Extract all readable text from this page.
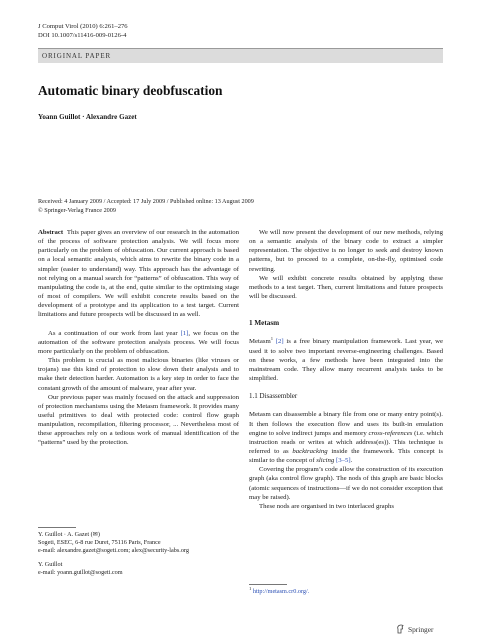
J Comput Virol (2010) 6:261–276
DOI 10.1007/s11416-009-0126-4
ORIGINAL PAPER
Automatic binary deobfuscation
Yoann Guillot · Alexandre Gazet
Received: 4 January 2009 / Accepted: 17 July 2009 / Published online: 13 August 2009
© Springer-Verlag France 2009

Abstract This paper gives an overview of our research in the automation of the process of software protection analysis. We will focus more particularly on the problem of obfuscation. Our current approach is based on a local semantic analysis, which aims to rewrite the binary code in a simpler (easier to understand) way. This approach has the advantage of not relying on a manual search for “patterns” of obfuscation. This way of manipulating the code is, at the end, quite similar to the optimising stage of most of compilers. We will exhibit concrete results based on the development of a prototype and its application to a test target. Current limitations and future prospects will be discussed in as well.

As a continuation of our work from last year [1], we focus on the automation of the software protection analysis process. We will focus more particularly on the problem of obfuscation.

This problem is crucial as most malicious binaries (like viruses or trojans) use this kind of protection to slow down their analysis and to make their detection harder. Automation is a key step in order to face the constant growth of the amount of malware, year after year.

Our previous paper was mainly focused on the attack and suppression of protection mechanisms using the Metasm framework. It provides many useful primitives to deal with protected code: control flow graph manipulation, recompilation, filtering processor, ... Nevertheless most of these approaches rely on a tedious work of manual identification of the “patterns” used by the protection.

We will now present the development of our new methods, relying on a semantic analysis of the binary code to extract a simpler representation. The objective is no longer to seek and destroy known patterns, but to proceed to a complete, on-the-fly, optimised code rewriting.

We will exhibit concrete results obtained by applying these methods to a test target. Then, current limitations and future prospects will be discussed.

1 Metasm

Metasm$^1$ [2] is a free binary manipulation framework. Last year, we used it to solve two important reverse-engineering challenges. Based on these works, a few methods have been integrated into the mainstream code. They allow many recurrent analysis tasks to be simplified.

1.1 Disassembler

Metasm can disassemble a binary file from one or many entry point(s). It then follows the execution flow and uses its built-in emulation engine to solve indirect jumps and memory cross-references (i.e. which instruction reads or writes at which address(es)). This technique is referred to as backtracking inside the framework. This concept is similar to the concept of slicing [3–5].

Covering the program’s code allow the construction of its execution graph (aka control flow graph). The nods of this graph are basic blocks (atomic sequences of instructions—if we do not consider exception that may be raised).

These nods are organised in two interlaced graphs

Y. Guillot · A. Gazet (✉)
Sogeti, ESEC, 6-8 rue Duret, 75116 Paris, France
e-mail: alexandre.gazet@sogeti.com; alex@security-labs.org
Y. Guillot
e-mail: yoann.guillot@sogeti.com
$^1$ http://metasm.cr0.org/.
Springer
